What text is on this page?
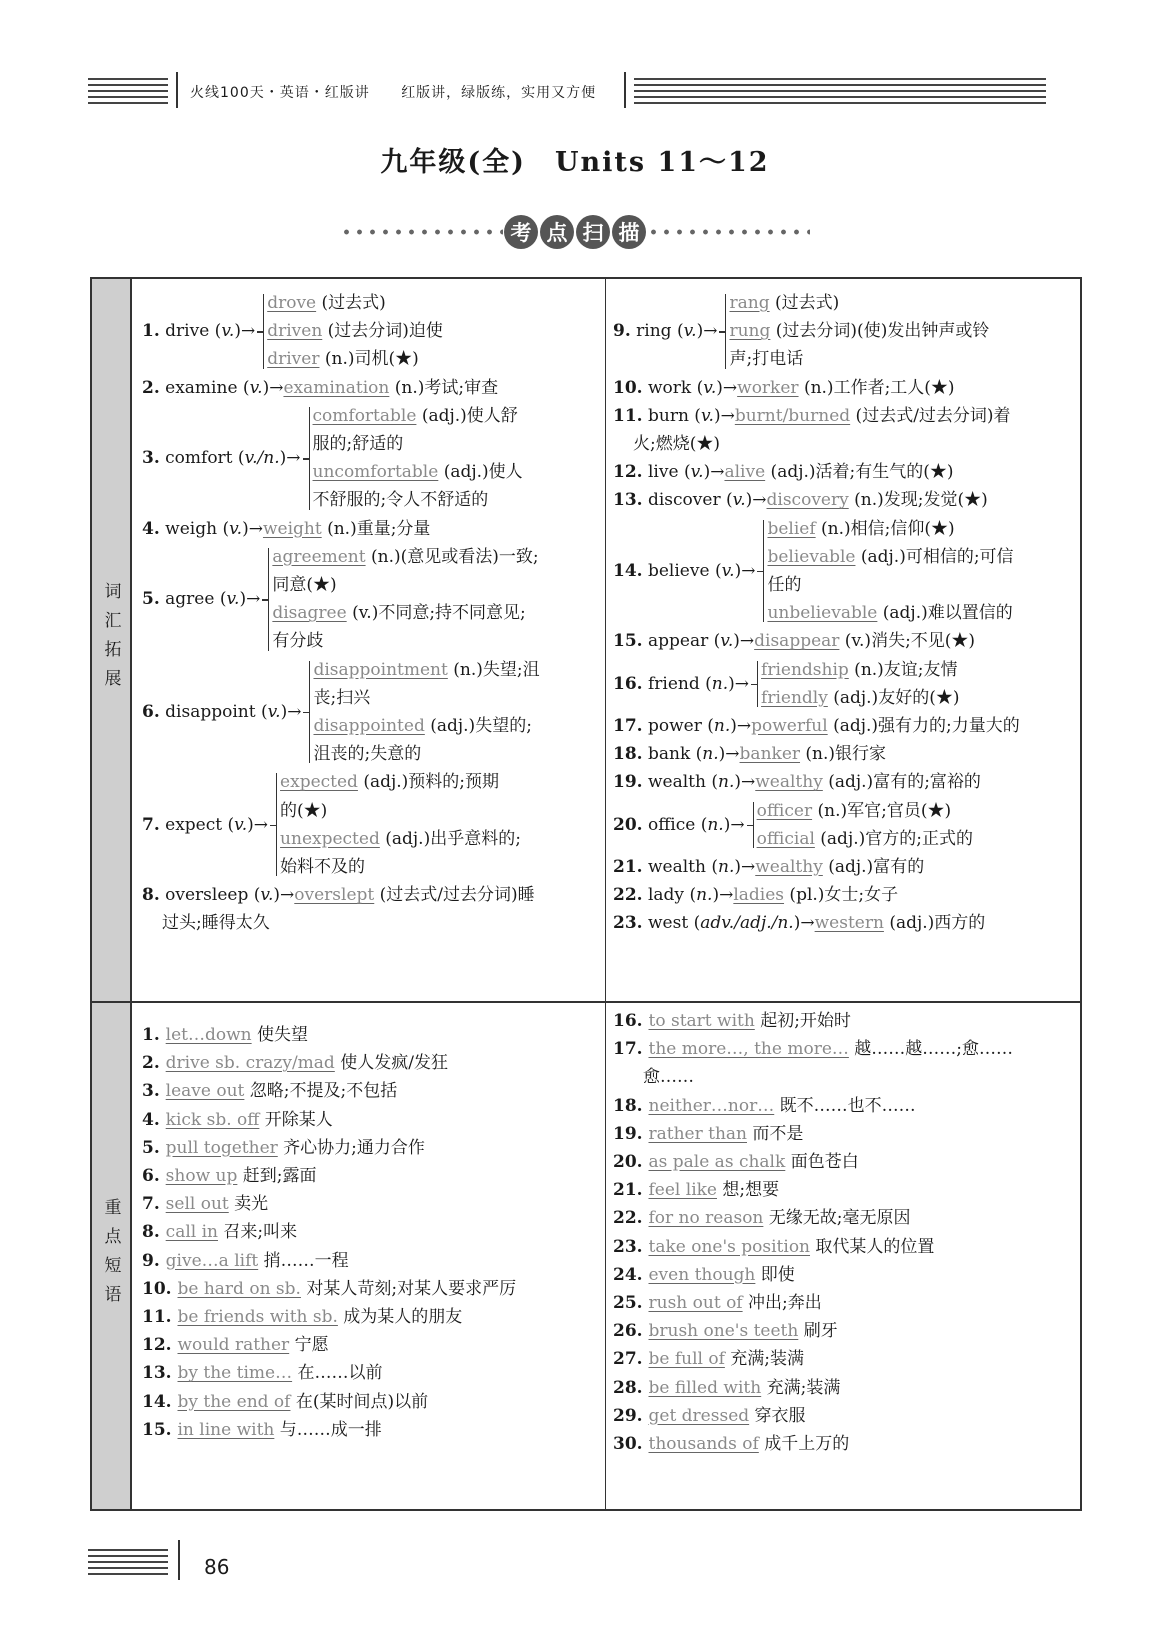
火线100天・英语・红版讲 红版讲，绿版练，实用又方便
九年级(全)　Units 11～12
考 点 扫 描
词汇拓展
重点短语
1. drive (v.)→
drove (过去式)
driven (过去分词)迫使
driver (n.)司机(★)
2. examine (v.)→examination (n.)考试;审查
3. comfort (v./n.)→
comfortable (adj.)使人舒
服的;舒适的
uncomfortable (adj.)使人
不舒服的;令人不舒适的
4. weigh (v.)→weight (n.)重量;分量
5. agree (v.)→
agreement (n.)(意见或看法)一致;
同意(★)
disagree (v.)不同意;持不同意见;
有分歧
6. disappoint (v.)→
disappointment (n.)失望;沮
丧;扫兴
disappointed (adj.)失望的;
沮丧的;失意的
7. expect (v.)→
expected (adj.)预料的;预期
的(★)
unexpected (adj.)出乎意料的;
始料不及的
8. oversleep (v.)→overslept (过去式/过去分词)睡
过头;睡得太久
9. ring (v.)→
rang (过去式)
rung (过去分词)(使)发出钟声或铃
声;打电话
10. work (v.)→worker (n.)工作者;工人(★)
11. burn (v.)→burnt/burned (过去式/过去分词)着
火;燃烧(★)
12. live (v.)→alive (adj.)活着;有生气的(★)
13. discover (v.)→discovery (n.)发现;发觉(★)
14. believe (v.)→
belief (n.)相信;信仰(★)
believable (adj.)可相信的;可信
任的
unbelievable (adj.)难以置信的
15. appear (v.)→disappear (v.)消失;不见(★)
16. friend (n.)→
friendship (n.)友谊;友情
friendly (adj.)友好的(★)
17. power (n.)→powerful (adj.)强有力的;力量大的
18. bank (n.)→banker (n.)银行家
19. wealth (n.)→wealthy (adj.)富有的;富裕的
20. office (n.)→
officer (n.)军官;官员(★)
official (adj.)官方的;正式的
21. wealth (n.)→wealthy (adj.)富有的
22. lady (n.)→ladies (pl.)女士;女子
23. west (adv./adj./n.)→western (adj.)西方的
1. let…down 使失望
2. drive sb. crazy/mad 使人发疯/发狂
3. leave out 忽略;不提及;不包括
4. kick sb. off 开除某人
5. pull together 齐心协力;通力合作
6. show up 赶到;露面
7. sell out 卖光
8. call in 召来;叫来
9. give…a lift 捎……一程
10. be hard on sb. 对某人苛刻;对某人要求严厉
11. be friends with sb. 成为某人的朋友
12. would rather 宁愿
13. by the time… 在……以前
14. by the end of 在(某时间点)以前
15. in line with 与……成一排
16. to start with 起初;开始时
17. the more…, the more… 越……越……;愈……
愈……
18. neither…nor… 既不……也不……
19. rather than 而不是
20. as pale as chalk 面色苍白
21. feel like 想;想要
22. for no reason 无缘无故;毫无原因
23. take one's position 取代某人的位置
24. even though 即使
25. rush out of 冲出;奔出
26. brush one's teeth 刷牙
27. be full of 充满;装满
28. be filled with 充满;装满
29. get dressed 穿衣服
30. thousands of 成千上万的
86
